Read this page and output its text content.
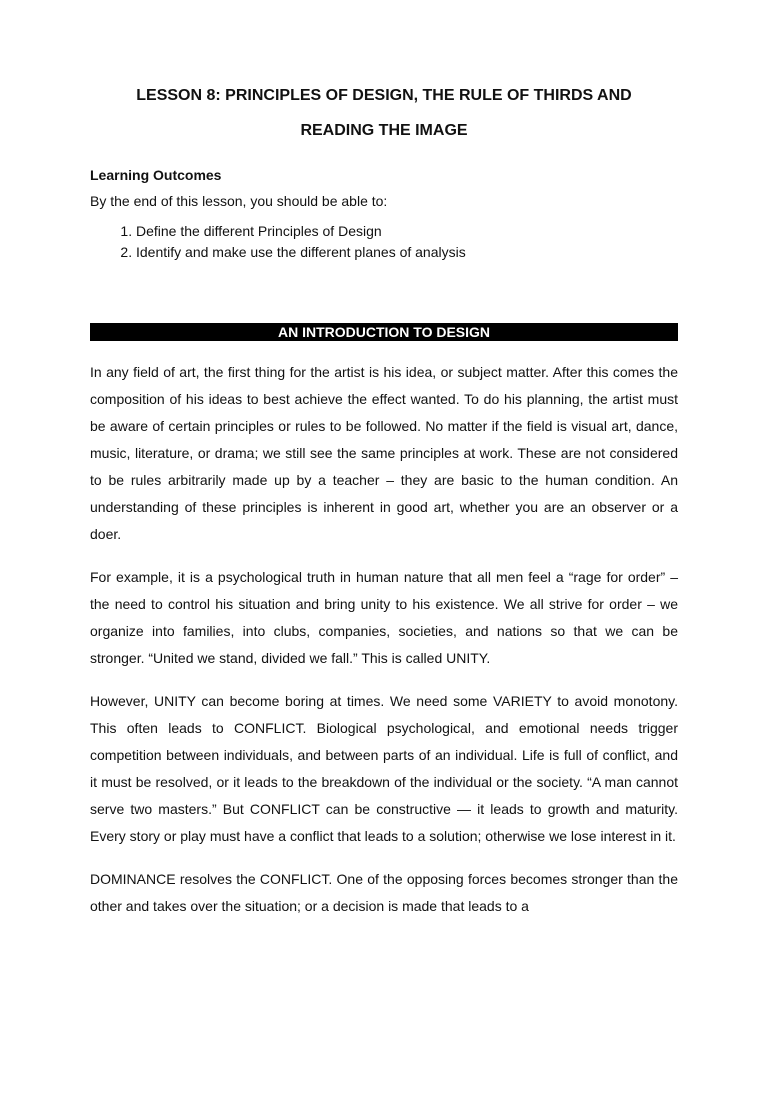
LESSON 8: PRINCIPLES OF DESIGN, THE RULE OF THIRDS AND
READING THE IMAGE
Learning Outcomes
By the end of this lesson, you should be able to:
1. Define the different Principles of Design
2. Identify and make use the different planes of analysis
AN INTRODUCTION TO DESIGN

In any field of art, the first thing for the artist is his idea, or subject matter. After this comes the composition of his ideas to best achieve the effect wanted. To do his planning, the artist must be aware of certain principles or rules to be followed. No matter if the field is visual art, dance, music, literature, or drama; we still see the same principles at work. These are not considered to be rules arbitrarily made up by a teacher – they are basic to the human condition. An understanding of these principles is inherent in good art, whether you are an observer or a doer.

For example, it is a psychological truth in human nature that all men feel a “rage for order” – the need to control his situation and bring unity to his existence. We all strive for order – we organize into families, into clubs, companies, societies, and nations so that we can be stronger. “United we stand, divided we fall.” This is called UNITY.

However, UNITY can become boring at times. We need some VARIETY to avoid monotony. This often leads to CONFLICT. Biological psychological, and emotional needs trigger competition between individuals, and between parts of an individual. Life is full of conflict, and it must be resolved, or it leads to the breakdown of the individual or the society. “A man cannot serve two masters.” But CONFLICT can be constructive — it leads to growth and maturity. Every story or play must have a conflict that leads to a solution; otherwise we lose interest in it.

DOMINANCE resolves the CONFLICT. One of the opposing forces becomes stronger than the other and takes over the situation; or a decision is made that leads to a
